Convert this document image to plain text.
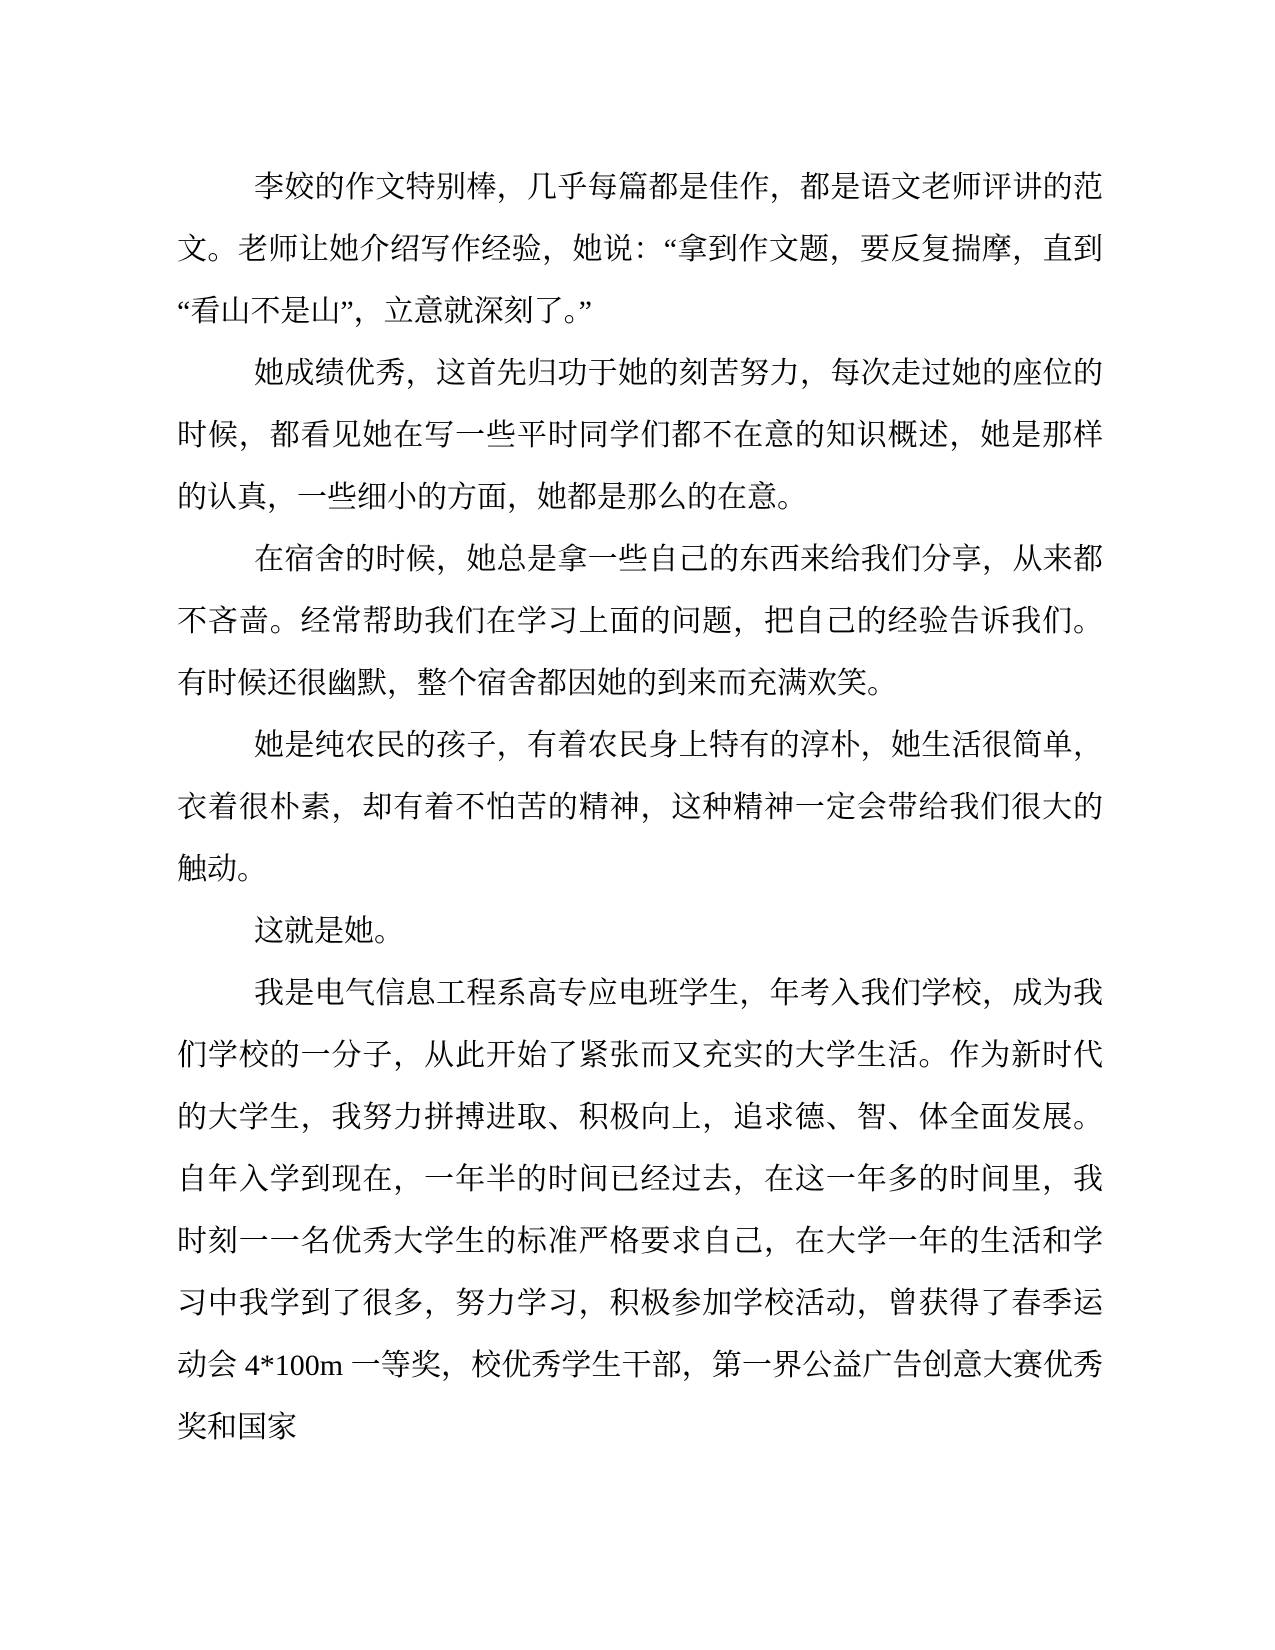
李姣的作文特别棒，几乎每篇都是佳作，都是语文老师评讲的范文。老师让她介绍写作经验，她说：“拿到作文题，要反复揣摩，直到“看山不是山”，立意就深刻了。”

她成绩优秀，这首先归功于她的刻苦努力，每次走过她的座位的时候，都看见她在写一些平时同学们都不在意的知识概述，她是那样的认真，一些细小的方面，她都是那么的在意。

在宿舍的时候，她总是拿一些自己的东西来给我们分享，从来都不吝啬。经常帮助我们在学习上面的问题，把自己的经验告诉我们。有时候还很幽默，整个宿舍都因她的到来而充满欢笑。

她是纯农民的孩子，有着农民身上特有的淳朴，她生活很简单，衣着很朴素，却有着不怕苦的精神，这种精神一定会带给我们很大的触动。

这就是她。

我是电气信息工程系高专应电班学生，年考入我们学校，成为我们学校的一分子，从此开始了紧张而又充实的大学生活。作为新时代的大学生，我努力拼搏进取、积极向上，追求德、智、体全面发展。自年入学到现在，一年半的时间已经过去，在这一年多的时间里，我时刻一一名优秀大学生的标准严格要求自己，在大学一年的生活和学习中我学到了很多，努力学习，积极参加学校活动，曾获得了春季运动会 4*100m 一等奖，校优秀学生干部，第一界公益广告创意大赛优秀奖和国家
